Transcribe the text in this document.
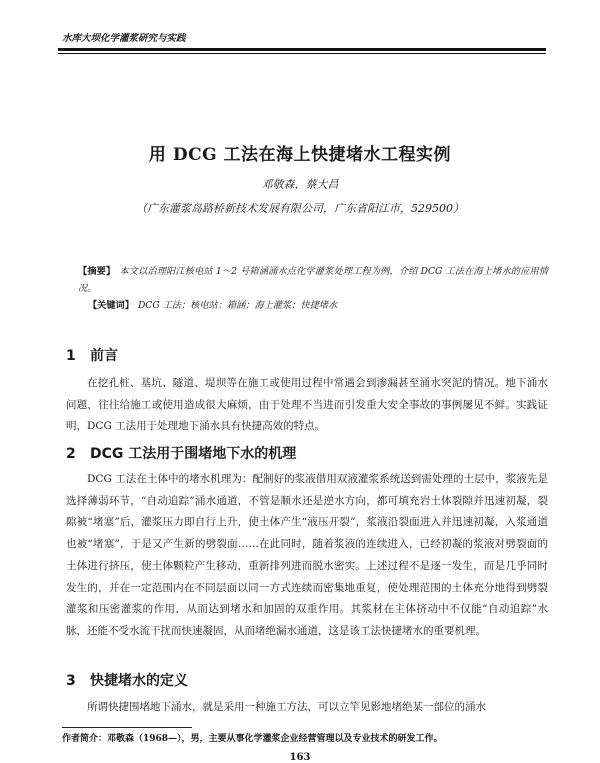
水库大坝化学灌浆研究与实践
用 DCG 工法在海上快捷堵水工程实例
邓敬森，蔡大昌
（广东灌浆岛路桥新技术发展有限公司，广东省阳江市，529500）
【摘要】 本文以治理阳江核电站 1～2 号箱涵涌水点化学灌浆处理工程为例，介绍 DCG 工法在海上堵水的应用情况。
【关键词】 DCG 工法；核电站；箱涵；海上灌浆；快捷堵水
1 前言

在挖孔桩、基坑、隧道、堤坝等在施工或使用过程中常遇会到渗漏甚至涌水突泥的情况。地下涌水问题，往往给施工或使用造成很大麻烦，由于处理不当进而引发重大安全事故的事例屡见不鲜。实践证明，DCG 工法用于处理地下涌水具有快捷高效的特点。

2 DCG 工法用于围堵地下水的机理

DCG 工法在土体中的堵水机理为：配制好的浆液借用双液灌浆系统送到需处理的土层中，浆液先是选择薄弱环节，“自动追踪”涌水通道，不管是顺水还是逆水方向，都可填充岩土体裂隙并迅速初凝，裂隙被“堵塞”后，灌浆压力即自行上升，使土体产生“液压开裂”，浆液沿裂面进入并迅速初凝，入浆通道也被“堵塞”，于是又产生新的劈裂面……在此同时，随着浆液的连续进入，已经初凝的浆液对劈裂面的土体进行挤压，使土体颗粒产生移动，重新排列进而脱水密实。上述过程不是逐一发生，而是几乎同时发生的，并在一定范围内在不同层面以同一方式连续而密集地重复，使处理范围的土体充分地得到劈裂灌浆和压密灌浆的作用，从而达到堵水和加固的双重作用。其浆材在主体挤动中不仅能“自动追踪”水脉，还能不受水流干扰而快速凝固，从而堵绝漏水通道，这是该工法快捷堵水的重要机理。

3 快捷堵水的定义

所谓快捷围堵地下涌水，就是采用一种施工方法，可以立竿见影地堵绝某一部位的涌水

作者简介：邓敬森（1968—），男，主要从事化学灌浆企业经营管理以及专业技术的研发工作。
163
